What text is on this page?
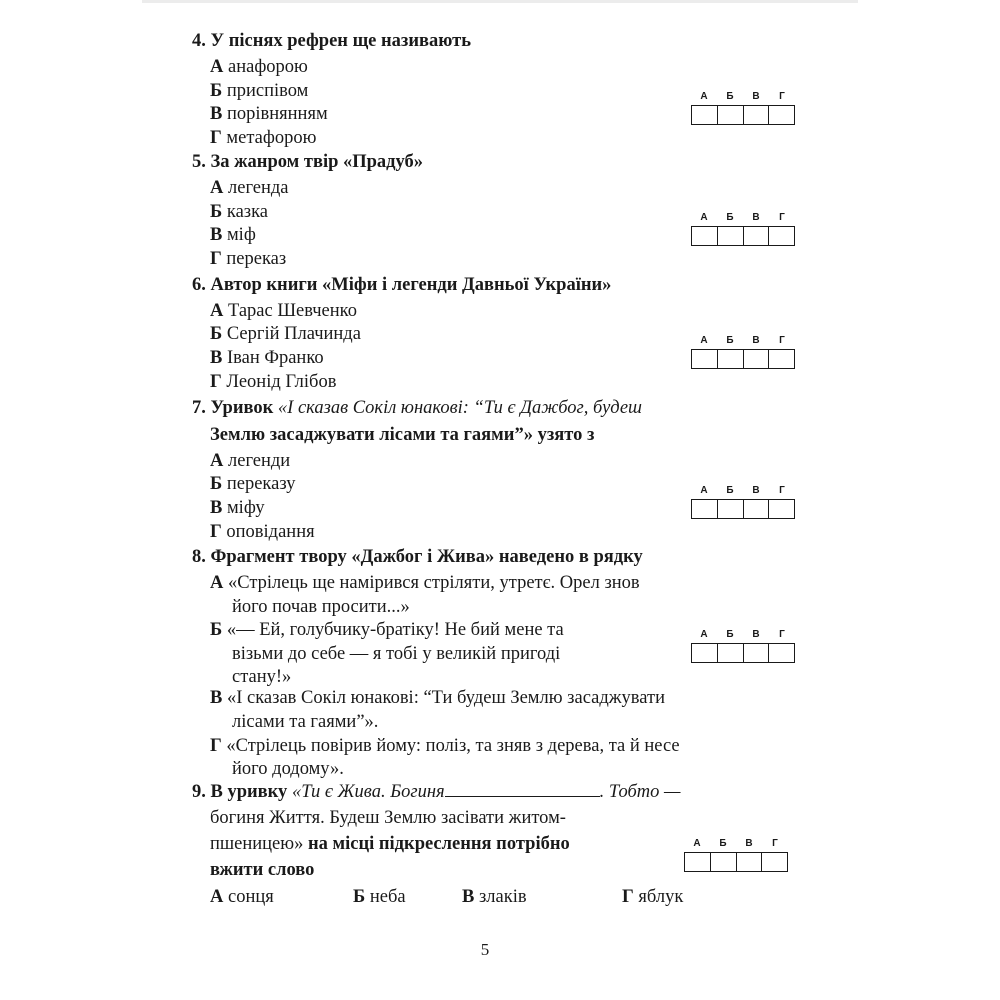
4. У піснях рефрен ще називають
А анафорою
Б приспівом
В порівнянням
Г метафорою
А	Б	В	Г
5. За жанром твір «Прадуб»
А легенда
Б казка
В міф
Г переказ
А	Б	В	Г
6. Автор книги «Міфи і легенди Давньої України»
А Тарас Шевченко
Б Сергій Плачинда
В Іван Франко
Г Леонід Глібов
А	Б	В	Г
7. Уривок «І сказав Сокіл юнакові: “Ти є Дажбог, будеш
Землю засаджувати лісами та гаями”» узято з
А легенди
Б переказу
В міфу
Г оповідання
А	Б	В	Г
8. Фрагмент твору «Дажбог і Жива» наведено в рядку
А «Стрілець ще намірився стріляти, утретє. Орел знов
його почав просити...»
Б «— Ей, голубчику-братіку! Не бий мене та
візьми до себе — я тобі у великій пригоді
стану!»
В «І сказав Сокіл юнакові: “Ти будеш Землю засаджувати
лісами та гаями”».
Г «Стрілець повірив йому: поліз, та зняв з дерева, та й несе
його додому».
А	Б	В	Г
9. В уривку «Ти є Жива. Богиня	. Тобто —
богиня Життя. Будеш Землю засівати житом-
пшеницею» на місці підкреслення потрібно
вжити слово
А	Б	В	Г
А сонця	Б неба	В злаків	Г яблук
5
